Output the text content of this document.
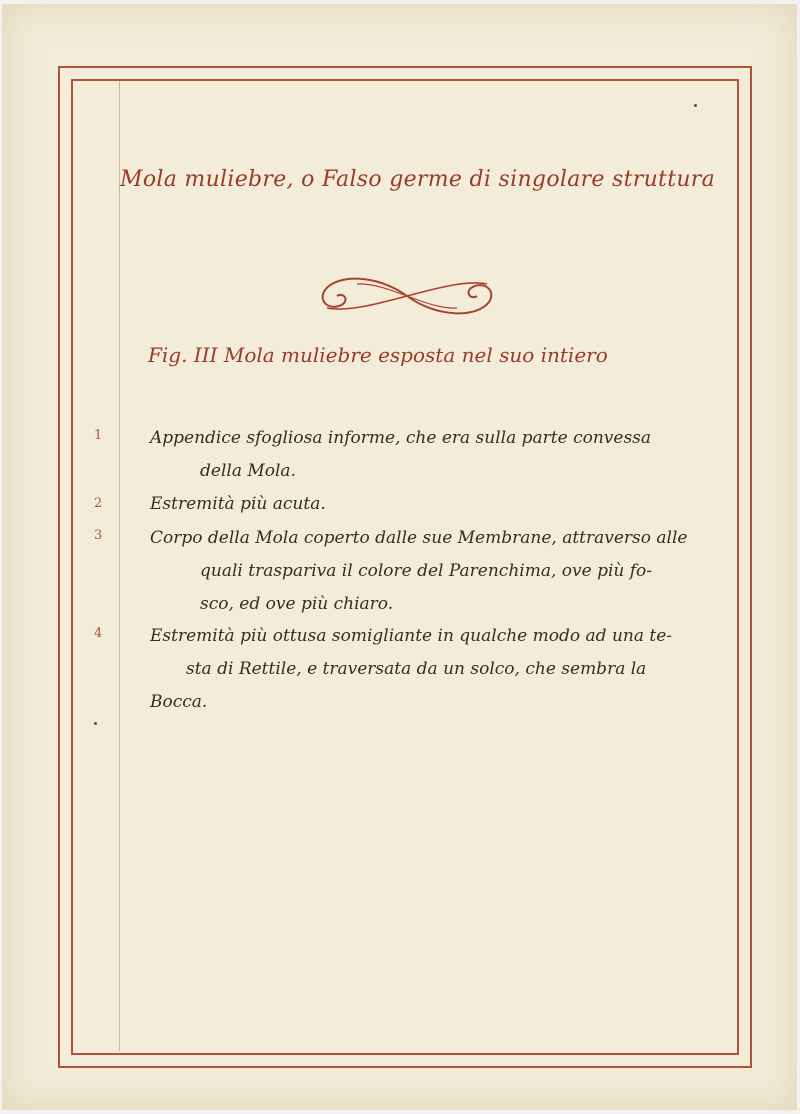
Mola muliebre, o Falso germe di singolare struttura
Fig. III Mola muliebre esposta nel suo intiero
1	Appendice sfogliosa informe, che era sulla parte convessa
della Mola.
2	Estremità più acuta.
3	Corpo della Mola coperto dalle sue Membrane, attraverso alle
quali traspariva il colore del Parenchima, ove più fo-
sco, ed ove più chiaro.
4	Estremità più ottusa somigliante in qualche modo ad una te-
sta di Rettile, e traversata da un solco, che sembra la
Bocca.
